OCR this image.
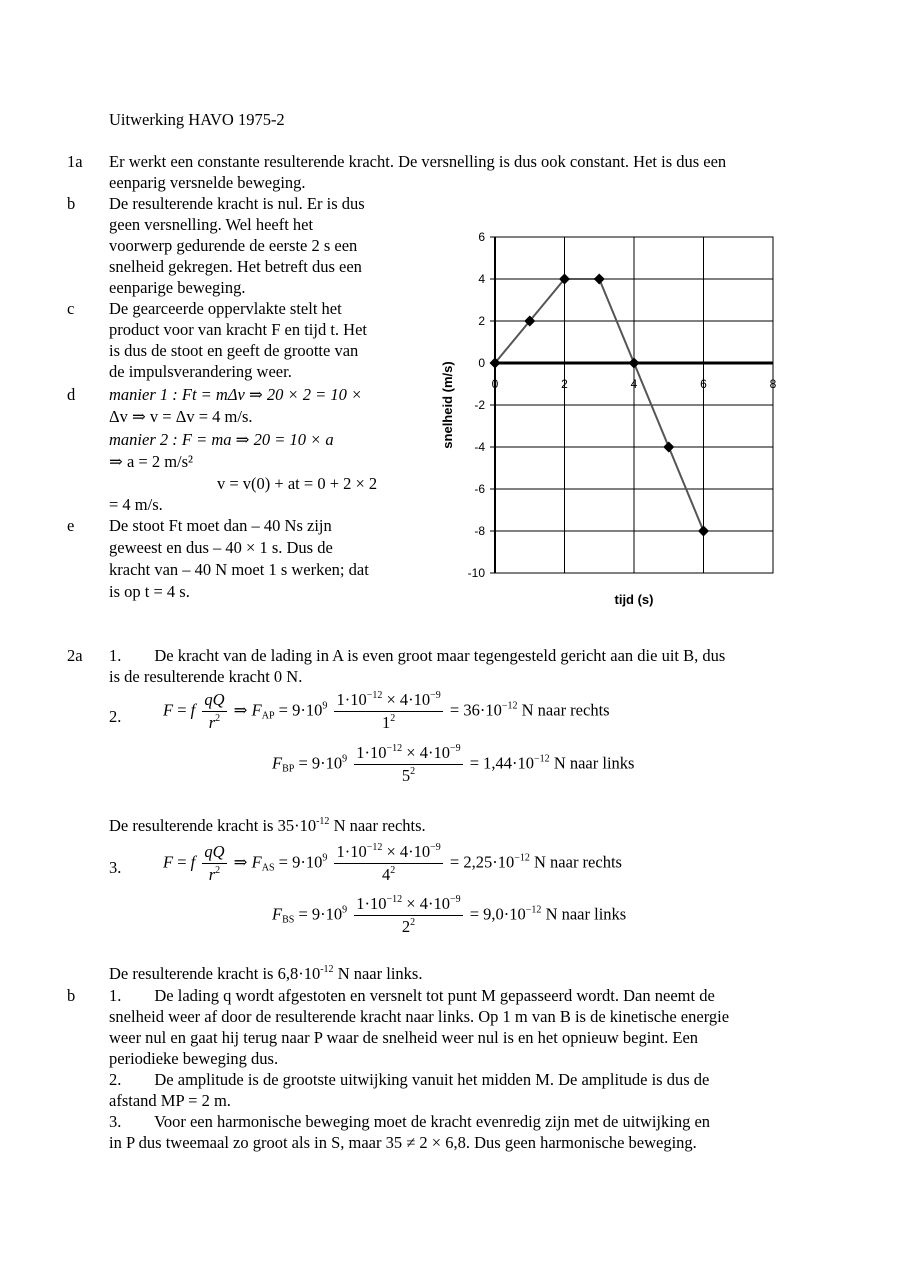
Uitwerking HAVO 1975-2
1a Er werkt een constante resulterende kracht. De versnelling is dus ook constant. Het is dus een
eenparig versnelde beweging.
b De resulterende kracht is nul. Er is dus
geen versnelling. Wel heeft het
voorwerp gedurende de eerste 2 s een
snelheid gekregen. Het betreft dus een
eenparige beweging.
c De gearceerde oppervlakte stelt het
product voor van kracht F en tijd t. Het
is dus de stoot en geeft de grootte van
de impulsverandering weer.
d manier 1 : Ft = mΔv ⇒ 20 × 2 = 10 ×
Δv ⇒ v = Δv = 4 m/s.
manier 2 : F = ma ⇒ 20 = 10 × a
⇒ a = 2 m/s²
v = v(0) + at = 0 + 2 × 2
= 4 m/s.
e De stoot Ft moet dan – 40 Ns zijn
geweest en dus – 40 × 1 s. Dus de
kracht van – 40 N moet 1 s werken; dat
is op t = 4 s.
6
4
2
0
-2
-4
-6
-8
-10
0	2	4	6	8
tijd (s)
snelheid (m/s)
2a 1.        De kracht van de lading in A is even groot maar tegengesteld gericht aan die uit B, dus
is de resulterende kracht 0 N.
2.	F = f $\frac{qQ}{r^2}$ ⇒ $F_{AP} = 9\cdot 10^9 \frac{1\cdot 10^{-12} \times 4\cdot 10^{-9}}{1^2} = 36\cdot 10^{-12}$ N naar rechts
$F_{BP} = 9\cdot 10^9 \frac{1\cdot 10^{-12} \times 4\cdot 10^{-9}}{5^2} = 1,44\cdot 10^{-12}$ N naar links
De resulterende kracht is $35\cdot 10^{-12}$ N naar rechts.
3.	F = f $\frac{qQ}{r^2}$ ⇒ $F_{AS} = 9\cdot 10^9 \frac{1\cdot 10^{-12} \times 4\cdot 10^{-9}}{4^2} = 2,25\cdot 10^{-12}$ N naar rechts
$F_{BS} = 9\cdot 10^9 \frac{1\cdot 10^{-12} \times 4\cdot 10^{-9}}{2^2} = 9,0\cdot 10^{-12}$ N naar links
De resulterende kracht is $6,8\cdot 10^{-12}$ N naar links.
b 1.        De lading q wordt afgestoten en versnelt tot punt M gepasseerd wordt. Dan neemt de
snelheid weer af door de resulterende kracht naar links. Op 1 m van B is de kinetische energie
weer nul en gaat hij terug naar P waar de snelheid weer nul is en het opnieuw begint. Een
periodieke beweging dus.
2.        De amplitude is de grootste uitwijking vanuit het midden M. De amplitude is dus de
afstand MP = 2 m.
3.        Voor een harmonische beweging moet de kracht evenredig zijn met de uitwijking en
in P dus tweemaal zo groot als in S, maar 35 ≠ 2 × 6,8. Dus geen harmonische beweging.
